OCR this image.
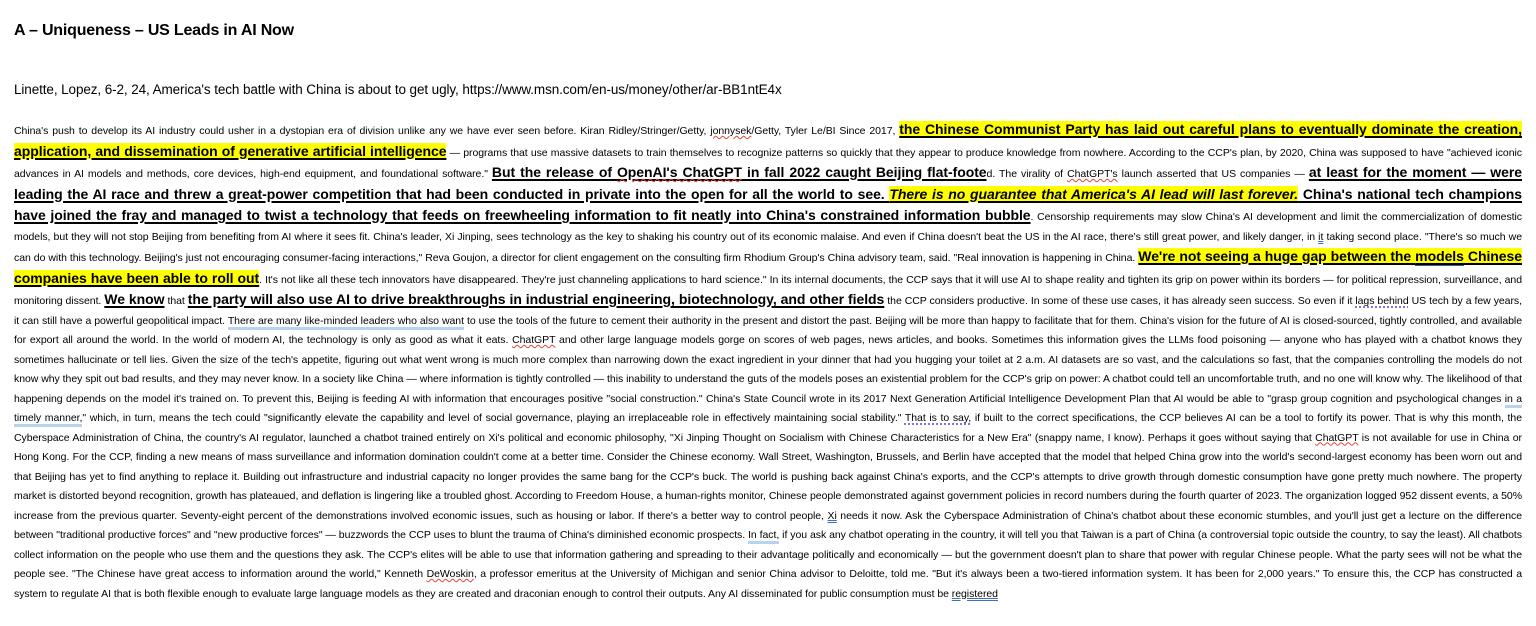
A – Uniqueness – US Leads in AI Now
Linette, Lopez, 6-2, 24, America's tech battle with China is about to get ugly, https://www.msn.com/en-us/money/other/ar-BB1ntE4x
China's push to develop its AI industry could usher in a dystopian era of division unlike any we have ever seen before. Kiran Ridley/Stringer/Getty, jonnysek/Getty, Tyler Le/BI Since 2017, the Chinese Communist Party has laid out careful plans to eventually dominate the creation, application, and dissemination of generative artificial intelligence — programs that use massive datasets to train themselves to recognize patterns so quickly that they appear to produce knowledge from nowhere. According to the CCP's plan, by 2020, China was supposed to have "achieved iconic advances in AI models and methods, core devices, high-end equipment, and foundational software." But the release of OpenAI's ChatGPT in fall 2022 caught Beijing flat-footed. The virality of ChatGPT's launch asserted that US companies — at least for the moment — were leading the AI race and threw a great-power competition that had been conducted in private into the open for all the world to see. There is no guarantee that America's AI lead will last forever. China's national tech champions have joined the fray and managed to twist a technology that feeds on freewheeling information to fit neatly into China's constrained information bubble. Censorship requirements may slow China's AI development and limit the commercialization of domestic models, but they will not stop Beijing from benefiting from AI where it sees fit. China's leader, Xi Jinping, sees technology as the key to shaking his country out of its economic malaise. And even if China doesn't beat the US in the AI race, there's still great power, and likely danger, in it taking second place. "There's so much we can do with this technology. Beijing's just not encouraging consumer-facing interactions," Reva Goujon, a director for client engagement on the consulting firm Rhodium Group's China advisory team, said. "Real innovation is happening in China. We're not seeing a huge gap between the models Chinese companies have been able to roll out. It's not like all these tech innovators have disappeared. They're just channeling applications to hard science." In its internal documents, the CCP says that it will use AI to shape reality and tighten its grip on power within its borders — for political repression, surveillance, and monitoring dissent. We know that the party will also use AI to drive breakthroughs in industrial engineering, biotechnology, and other fields the CCP considers productive. In some of these use cases, it has already seen success. So even if it lags behind US tech by a few years, it can still have a powerful geopolitical impact. There are many like-minded leaders who also want to use the tools of the future to cement their authority in the present and distort the past. Beijing will be more than happy to facilitate that for them. China's vision for the future of AI is closed-sourced, tightly controlled, and available for export all around the world. In the world of modern AI, the technology is only as good as what it eats. ChatGPT and other large language models gorge on scores of web pages, news articles, and books. Sometimes this information gives the LLMs food poisoning — anyone who has played with a chatbot knows they sometimes hallucinate or tell lies. Given the size of the tech's appetite, figuring out what went wrong is much more complex than narrowing down the exact ingredient in your dinner that had you hugging your toilet at 2 a.m. AI datasets are so vast, and the calculations so fast, that the companies controlling the models do not know why they spit out bad results, and they may never know. In a society like China — where information is tightly controlled — this inability to understand the guts of the models poses an existential problem for the CCP's grip on power: A chatbot could tell an uncomfortable truth, and no one will know why. The likelihood of that happening depends on the model it's trained on. To prevent this, Beijing is feeding AI with information that encourages positive "social construction." China's State Council wrote in its 2017 Next Generation Artificial Intelligence Development Plan that AI would be able to "grasp group cognition and psychological changes in a timely manner," which, in turn, means the tech could "significantly elevate the capability and level of social governance, playing an irreplaceable role in effectively maintaining social stability." That is to say, if built to the correct specifications, the CCP believes AI can be a tool to fortify its power. That is why this month, the Cyberspace Administration of China, the country's AI regulator, launched a chatbot trained entirely on Xi's political and economic philosophy, "Xi Jinping Thought on Socialism with Chinese Characteristics for a New Era" (snappy name, I know). Perhaps it goes without saying that ChatGPT is not available for use in China or Hong Kong. For the CCP, finding a new means of mass surveillance and information domination couldn't come at a better time. Consider the Chinese economy. Wall Street, Washington, Brussels, and Berlin have accepted that the model that helped China grow into the world's second-largest economy has been worn out and that Beijing has yet to find anything to replace it. Building out infrastructure and industrial capacity no longer provides the same bang for the CCP's buck. The world is pushing back against China's exports, and the CCP's attempts to drive growth through domestic consumption have gone pretty much nowhere. The property market is distorted beyond recognition, growth has plateaued, and deflation is lingering like a troubled ghost. According to Freedom House, a human-rights monitor, Chinese people demonstrated against government policies in record numbers during the fourth quarter of 2023. The organization logged 952 dissent events, a 50% increase from the previous quarter. Seventy-eight percent of the demonstrations involved economic issues, such as housing or labor. If there's a better way to control people, Xi needs it now. Ask the Cyberspace Administration of China's chatbot about these economic stumbles, and you'll just get a lecture on the difference between "traditional productive forces" and "new productive forces" — buzzwords the CCP uses to blunt the trauma of China's diminished economic prospects. In fact, if you ask any chatbot operating in the country, it will tell you that Taiwan is a part of China (a controversial topic outside the country, to say the least). All chatbots collect information on the people who use them and the questions they ask. The CCP's elites will be able to use that information gathering and spreading to their advantage politically and economically — but the government doesn't plan to share that power with regular Chinese people. What the party sees will not be what the people see. "The Chinese have great access to information around the world," Kenneth DeWoskin, a professor emeritus at the University of Michigan and senior China advisor to Deloitte, told me. "But it's always been a two-tiered information system. It has been for 2,000 years." To ensure this, the CCP has constructed a system to regulate AI that is both flexible enough to evaluate large language models as they are created and draconian enough to control their outputs. Any AI disseminated for public consumption must be registered
